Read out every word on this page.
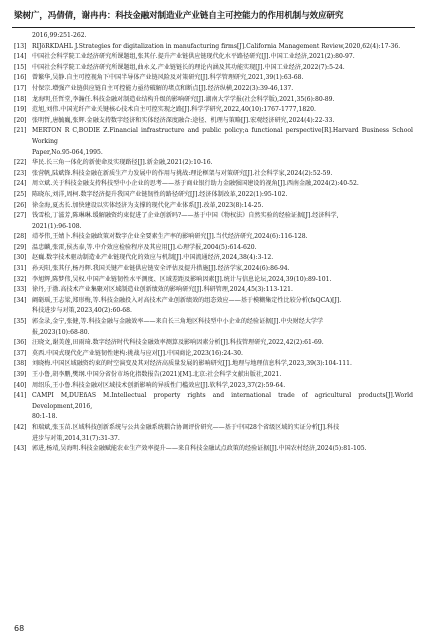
梁树广，冯倩倩，谢冉冉：科技金融对制造业产业链自主可控能力的作用机制与效应研究
2016,99:251-262.
[13] RIJöRKDAHL J.Strategies for digitalization in manufacturing firms[J].California Management Review,2020,62(4):17-36.
[14] 中国社会科学院工业经济研究所课题组,张其仔.提升产业链供应链现代化水平路径研究[J].中国工业经济,2021(2):80-97.
[15] 中国社会科学院工业经济研究所课题组,曲永义.产业链链长的理论内涵及其功能实现[J].中国工业经济,2022(7):5-24.
[16] 曾繁华,吴静.自主可控视角下中国半导体产业链风险及对策研究[J].科学管理研究,2021,39(1):63-68.
[17] 付保宗.增强产业链供应链自主可控能力亟待破解的堵点和断点[J].经济纵横,2022(3):39-46,137.
[18] 龙海明,任哲堂,李瀚任.科技金融对制造业结构升级的影响研究[J].湖南大学学报(社会科学版),2021,35(6):80-89.
[19] 范旭,刘伟.中国光纤产业关键核心技术自主可控实现之路[J].科学学研究,2022,40(10):1767-1777,1820.
[20] 张明哲,唐毓巍,张辉.金融支持数字经济和实体经济深度融合:途径、机理与策略[J].宏观经济研究,2024(4):22-33.
[21] MERTON R C,BODIE Z.Financial infrastructure and public policy;a functional perspective[R].Harvard Business School Working
Paper,No.95-064,1995.
[22] 华民.长三角一体化的新使命及实现路径[J].新金融,2021(2):10-16.
[23] 张营帆,陆斌锋.科技金融在新质生产力发展中的作用与挑战:理论框架与对策研究[J].社会科学家,2024(2):52-59.
[24] 周立斌.关于科技金融支持科技型中小企业的思考——基于商业银行助力金融强国建设的视角[J].西南金融,2024(2):40-52.
[25] 陈晓东,刘洋,周柯.数字经济提升我国产业链韧性的路径研究[J].经济体制改革,2022(1):95-102.
[26] 徐金海,夏杰长.加快建设以实体经济为支撑的现代化产业体系[J].改革,2023(8):14-25.
[27] 钱雪松,丁滋芳,陈琳琳.缓解融资约束促进了企业创新吗?——基于中国《物权法》自然实验的经验证据[J].经济科学,
2021(1):96-108.
[28] 靖苓伟,王婧卜.科技金融政策对数字企业全要素生产率的影响研究[J].当代经济研究,2024(6):116-128.
[29] 温忠麟,张雷,侯杰泰,等.中介效应检验程序及其应用[J].心理学报,2004(5):614-620.
[30] 赵巍.数字技术驱动制造业产业链现代化的效应与机制[J].中国流通经济,2024,38(4):3-12.
[31] 孙天阳,张其仔,杨丹辉.我国关键产业链供应链安全评估及提升措施[J].经济学家,2024(6):86-94.
[32] 李旭辉,陈梦伟,吴权.中国产业链韧性水平测度、区域差距及影响因素[J].统计与信息论坛,2024,39(10):89-101.
[33] 徐丹,于渤.高技术产业集聚对区域制造业创新绩效的影响研究[J].科研管理,2024,45(3):113-121.
[34] 阚砺瑶,王志梁,郑形梅,等.科技金融投入对高技术产业创新绩效的组态效应——基于模糊集定性比较分析(fsQCA)[J].
科技进步与对策,2023,40(2):60-68.
[35] 郭金录,金宁,张健,等.科技金融与金融效率——来自长三角地区科技型中小企业的经验证据[J].中央财经大学学
报,2023(10):68-80.
[36] 汪晓文,谢美莲,田雨琦.数字经济时代科技金融效率测算及影响因素分析[J].科技管理研究,2022,42(2):61-69.
[37] 莫西.中国式现代化产业链韧性建构:挑战与应对[J].中国商论,2023(16):24-30.
[38] 刘晓梅.中国区域融资约束的时空演变及其对经济高质量发展的影响研究[J].地理与地理信息科学,2023,39(3):104-111.
[39] 王小鲁,胡李鹏,樊纲.中国分省份市场化指数报告(2021)[M].北京:社会科学文献出版社,2021.
[40] 周绍乐,王小鲁.科技金融对区域技术创新影响的异质性门槛效应[J].软科学,2023,37(2):59-64.
[41] CAMPI M,DUEñAS M.Intellectual property rights and international trade of agricultural products[J].World Development,2016,
80:1-18.
[42] 和瑞斌,张玉苗.区域科技创新系统与公共金融系统耦合协调评价研究——基于中国28个省级区域的实证分析[J].科技
进步与对策,2014,31(7):31-37.
[43] 郭进,杨靖,吴海明.科技金融赋能农业生产效率提升——来自科技金融试点政策的经验证据[J].中国农村经济,2024(5):81-105.
68
